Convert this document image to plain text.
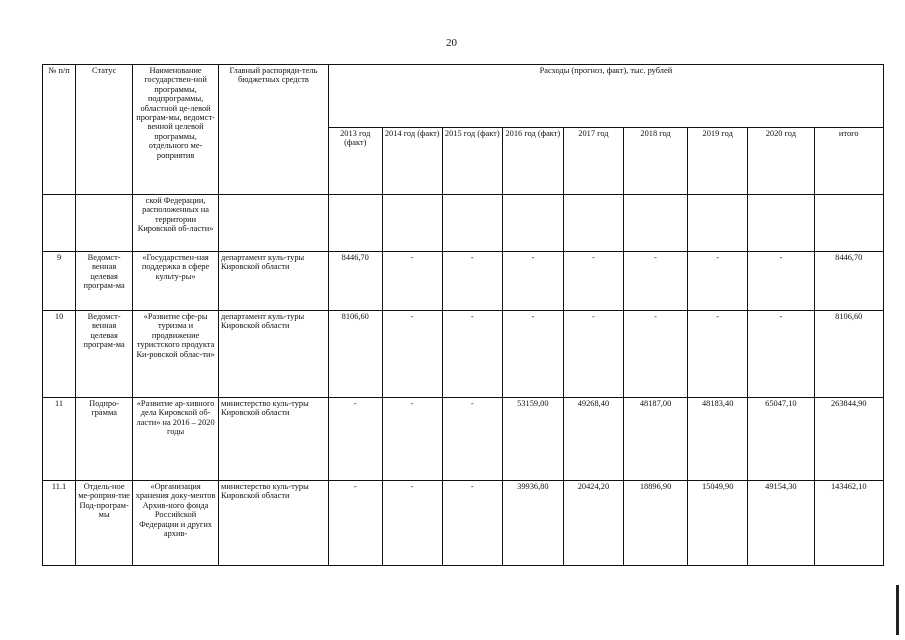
20
№ п/п	Статус	Наименование государствен-ной программы, подпрограммы, областной це-левой програм-мы, ведомст-венной целевой программы, отдельного ме-роприятия	Главный распоряди-тель бюджетных средств	Расходы (прогноз, факт), тыс. рублей								
				2013 год (факт)	2014 год (факт)	2015 год (факт)	2016 год (факт)	2017 год	2018 год	2019 год	2020 год	итого
		ской Федерации, расположенных на территории Кировской об-ласти»										
9	Ведомст-венная целевая програм-ма	«Государствен-ная поддержка в сфере культу-ры»	департамент куль-туры Кировской области	8446,70	-	-	-	-	-	-	-	8446,70
10	Ведомст-венная целевая програм-ма	«Развитие сфе-ры туризма и продвижение туристского продукта Ки-ровской облас-ти»	департамент куль-туры Кировской области	8106,60	-	-	-	-	-	-	-	8106,60
11	Подпро-грамма	«Развитие ар-хивного дела Кировской об-ласти» на 2016 – 2020 годы	министерство куль-туры Кировской области	-	-	-	53159,00	49268,40	48187,00	48183,40	65047,10	263844,90
11.1	Отдель-ное ме-роприя-тие Под-програм-мы	«Организация хранения доку-ментов Архив-ного фонда Российской Федерации и других архив-	министерство куль-туры Кировской области	-	-	-	39936,80	20424,20	18896,90	15049,90	49154,30	143462,10
